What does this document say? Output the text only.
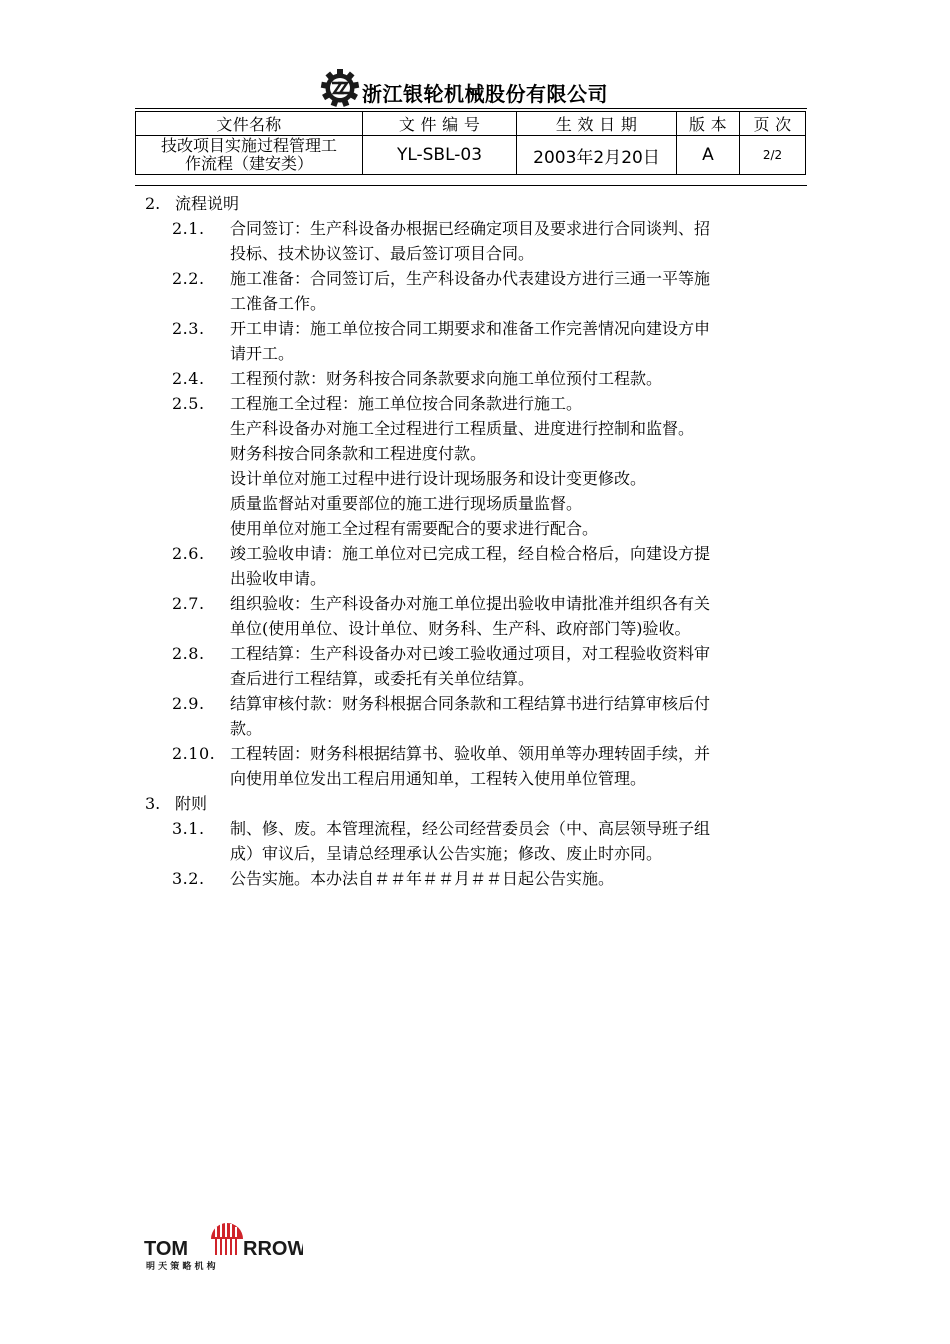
浙江银轮机械股份有限公司
文件名称	文 件 编 号	生 效 日 期	版 本	页 次

技改项目实施过程管理工
作流程（建安类）	YL-SBL-03	2003年2月20日	A	2/2
2. 流程说明
2.1.	合同签订：生产科设备办根据已经确定项目及要求进行合同谈判、招
投标、技术协议签订、最后签订项目合同。
2.2.	施工准备：合同签订后，生产科设备办代表建设方进行三通一平等施
工准备工作。
2.3.	开工申请：施工单位按合同工期要求和准备工作完善情况向建设方申
请开工。
2.4.	工程预付款：财务科按合同条款要求向施工单位预付工程款。
2.5.	工程施工全过程：施工单位按合同条款进行施工。
生产科设备办对施工全过程进行工程质量、进度进行控制和监督。
财务科按合同条款和工程进度付款。
设计单位对施工过程中进行设计现场服务和设计变更修改。
质量监督站对重要部位的施工进行现场质量监督。
使用单位对施工全过程有需要配合的要求进行配合。
2.6.	竣工验收申请：施工单位对已完成工程，经自检合格后，向建设方提
出验收申请。
2.7.	组织验收：生产科设备办对施工单位提出验收申请批准并组织各有关
单位(使用单位、设计单位、财务科、生产科、政府部门等)验收。
2.8.	工程结算：生产科设备办对已竣工验收通过项目，对工程验收资料审
查后进行工程结算，或委托有关单位结算。
2.9.	结算审核付款：财务科根据合同条款和工程结算书进行结算审核后付
款。
2.10. 工程转固：财务科根据结算书、验收单、领用单等办理转固手续，并
向使用单位发出工程启用通知单，工程转入使用单位管理。
3. 附则
3.1.	制、修、废。本管理流程，经公司经营委员会（中、高层领导班子组
成）审议后，呈请总经理承认公告实施；修改、废止时亦同。
3.2.	公告实施。本办法自＃＃年＃＃月＃＃日起公告实施。
TOM	RROW
明 天 策 略 机 构
